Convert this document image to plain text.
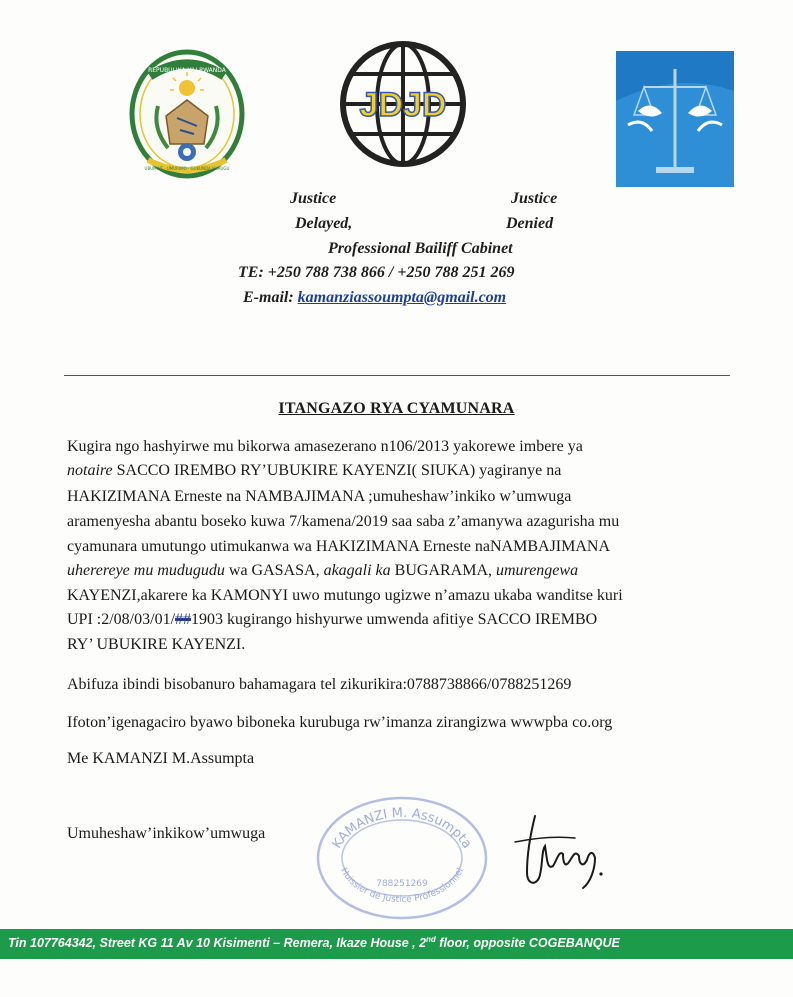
REPUBULIKA Y'U RWANDA
UBUMWE · UMURIMO · GUKUNDA IGIHUGU
JDJD
Justice	Justice
Delayed,	Denied
Professional Bailiff Cabinet
TE: +250 788 738 866 / +250 788 251 269
E-mail: kamanziassoumpta@gmail.com
ITANGAZO RYA CYAMUNARA
Kugira ngo hashyirwe mu bikorwa amasezerano n106/2013 yakorewe imbere ya
notaire SACCO IREMBO RY’UBUKIRE KAYENZI( SIUKA) yagiranye na
HAKIZIMANA Erneste na NAMBAJIMANA ;umuheshaw’inkiko w’umwuga
aramenyesha abantu boseko kuwa 7/kamena/2019 saa saba z’amanywa azagurisha mu
cyamunara umutungo utimukanwa wa HAKIZIMANA Erneste naNAMBAJIMANA
uherereye mu mudugudu wa GASASA, akagali ka BUGARAMA, umurengewa
KAYENZI,akarere ka KAMONYI uwo mutungo ugizwe n’amazu ukaba wanditse kuri
UPI :2/08/03/01/##1903 kugirango hishyurwe umwenda afitiye SACCO IREMBO
RY’ UBUKIRE KAYENZI.
Abifuza ibindi bisobanuro bahamagara tel zikurikira:0788738866/0788251269
Ifoton’igenagaciro byawo biboneka kurubuga rw’imanza zirangizwa wwwpba co.org
Me KAMANZI M.Assumpta
Umuheshaw’inkikow’umwuga
KAMANZI M. Assumpta
788251269
Huissier de Justice Professionnel
Tin 107764342, Street KG 11 Av 10 Kisimenti – Remera, Ikaze House , 2nd floor, opposite COGEBANQUE
